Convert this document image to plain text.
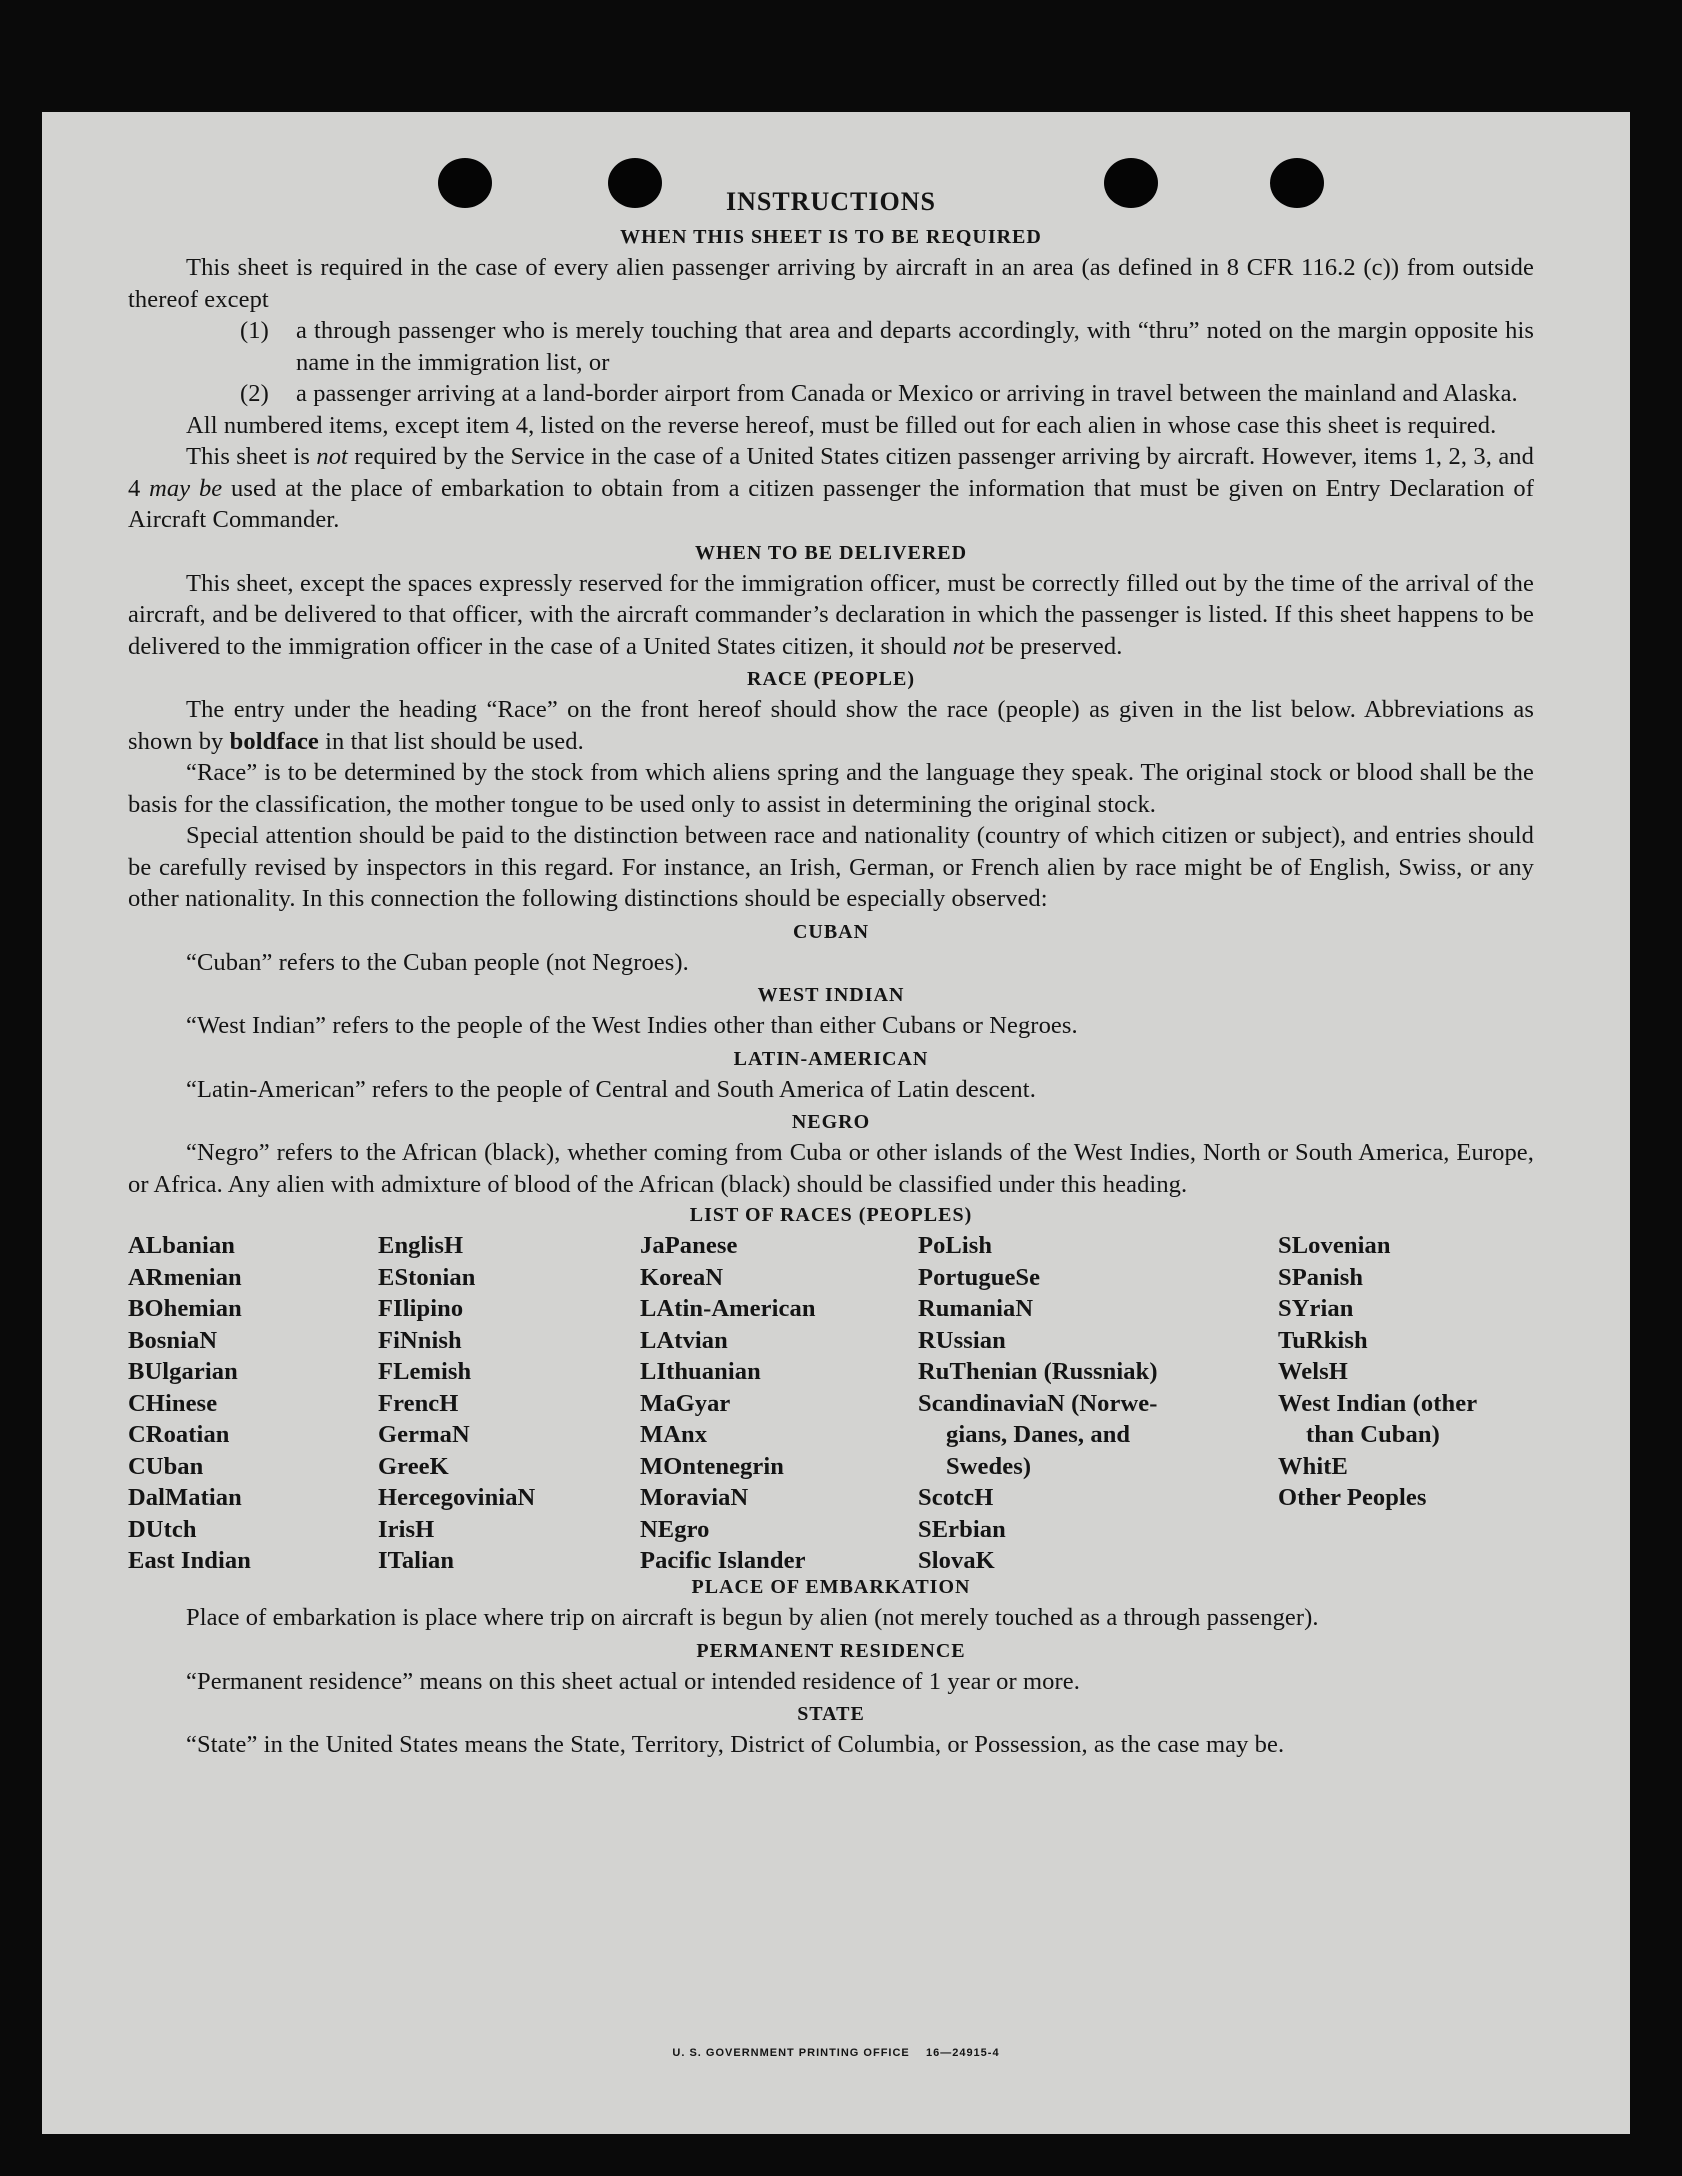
INSTRUCTIONS
WHEN THIS SHEET IS TO BE REQUIRED

This sheet is required in the case of every alien passenger arriving by aircraft in an area (as defined in 8 CFR 116.2 (c)) from outside thereof except

(1)	a through passenger who is merely touching that area and departs accordingly, with “thru” noted on the margin opposite his name in the immigration list, or
(2)	a passenger arriving at a land-border airport from Canada or Mexico or arriving in travel between the mainland and Alaska.

All numbered items, except item 4, listed on the reverse hereof, must be filled out for each alien in whose case this sheet is required.

This sheet is not required by the Service in the case of a United States citizen passenger arriving by aircraft. However, items 1, 2, 3, and 4 may be used at the place of embarkation to obtain from a citizen passenger the information that must be given on Entry Declaration of Aircraft Commander.

WHEN TO BE DELIVERED

This sheet, except the spaces expressly reserved for the immigration officer, must be correctly filled out by the time of the arrival of the aircraft, and be delivered to that officer, with the aircraft commander’s declaration in which the passenger is listed. If this sheet happens to be delivered to the immigration officer in the case of a United States citizen, it should not be preserved.

RACE (PEOPLE)

The entry under the heading “Race” on the front hereof should show the race (people) as given in the list below. Abbreviations as shown by boldface in that list should be used.

“Race” is to be determined by the stock from which aliens spring and the language they speak. The original stock or blood shall be the basis for the classification, the mother tongue to be used only to assist in determining the original stock.

Special attention should be paid to the distinction between race and nationality (country of which citizen or subject), and entries should be carefully revised by inspectors in this regard. For instance, an Irish, German, or French alien by race might be of English, Swiss, or any other nationality. In this connection the following distinctions should be especially observed:

CUBAN

“Cuban” refers to the Cuban people (not Negroes).

WEST INDIAN

“West Indian” refers to the people of the West Indies other than either Cubans or Negroes.

LATIN-AMERICAN

“Latin-American” refers to the people of Central and South America of Latin descent.

NEGRO

“Negro” refers to the African (black), whether coming from Cuba or other islands of the West Indies, North or South America, Europe, or Africa. Any alien with admixture of blood of the African (black) should be classified under this heading.

LIST OF RACES (PEOPLES)
ALbanian
ARmenian
BOhemian
BosniaN
BUlgarian
CHinese
CRoatian
CUban
DalMatian
DUtch
East Indian
EnglisH
EStonian
FIlipino
FiNnish
FLemish
FrencH
GermaN
GreeK
HercegoviniaN
IrisH
ITalian
JaPanese
KoreaN
LAtin-American
LAtvian
LIthuanian
MaGyar
MAnx
MOntenegrin
MoraviaN
NEgro
Pacific Islander
PoLish
PortugueSe
RumaniaN
RUssian
RuThenian (Russniak)
ScandinaviaN (Norwe-
gians, Danes, and
Swedes)
ScotcH
SErbian
SlovaK
SLovenian
SPanish
SYrian
TuRkish
WelsH
West Indian (other
than Cuban)
WhitE
Other Peoples
PLACE OF EMBARKATION

Place of embarkation is place where trip on aircraft is begun by alien (not merely touched as a through passenger).

PERMANENT RESIDENCE

“Permanent residence” means on this sheet actual or intended residence of 1 year or more.

STATE

“State” in the United States means the State, Territory, District of Columbia, or Possession, as the case may be.

U. S. GOVERNMENT PRINTING OFFICE    16—24915-4
